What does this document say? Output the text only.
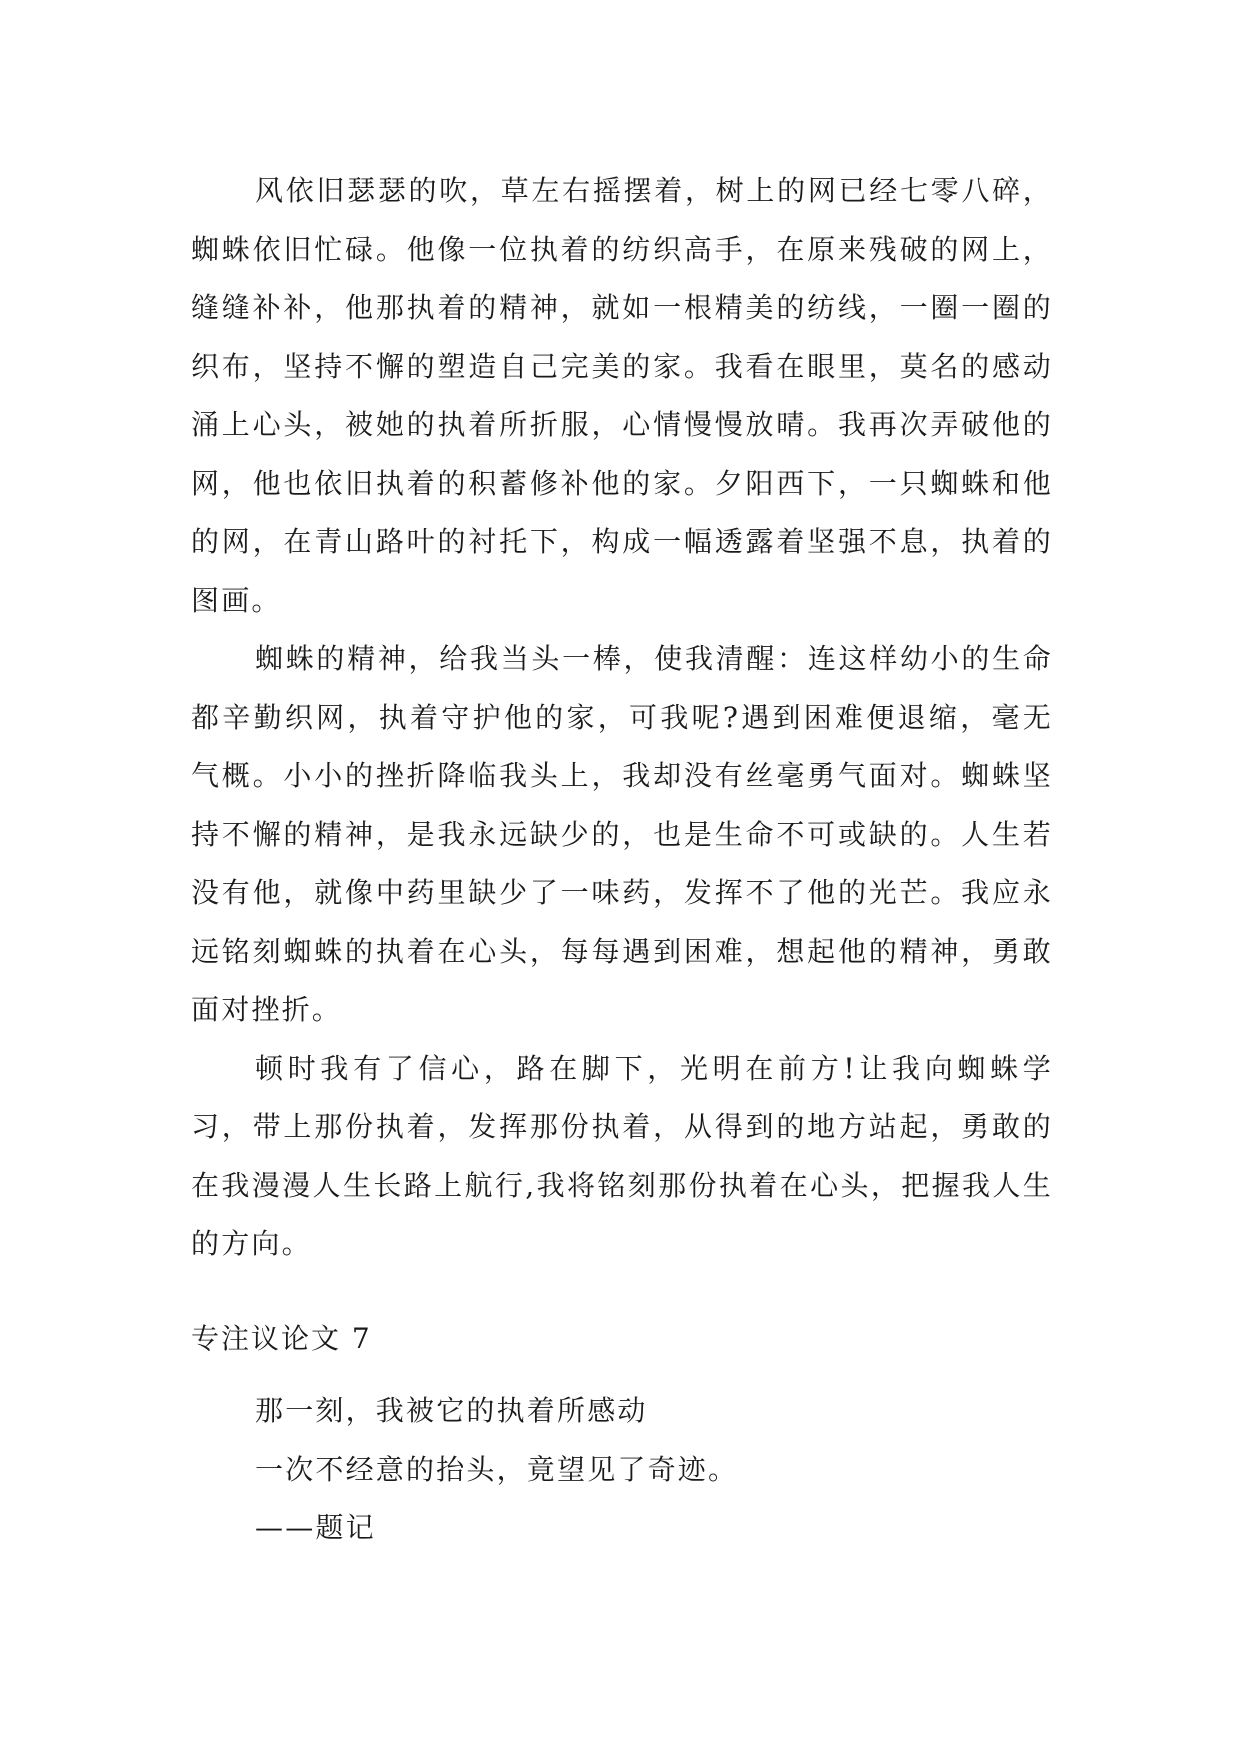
风依旧瑟瑟的吹，草左右摇摆着，树上的网已经七零八碎，蜘蛛依旧忙碌。他像一位执着的纺织高手，在原来残破的网上，缝缝补补，他那执着的精神，就如一根精美的纺线，一圈一圈的织布，坚持不懈的塑造自己完美的家。我看在眼里，莫名的感动涌上心头，被她的执着所折服，心情慢慢放晴。我再次弄破他的网，他也依旧执着的积蓄修补他的家。夕阳西下，一只蜘蛛和他的网，在青山路叶的衬托下，构成一幅透露着坚强不息，执着的图画。

蜘蛛的精神，给我当头一棒，使我清醒：连这样幼小的生命都辛勤织网，执着守护他的家，可我呢?遇到困难便退缩，毫无气概。小小的挫折降临我头上，我却没有丝毫勇气面对。蜘蛛坚持不懈的精神，是我永远缺少的，也是生命不可或缺的。人生若没有他，就像中药里缺少了一味药，发挥不了他的光芒。我应永远铭刻蜘蛛的执着在心头，每每遇到困难，想起他的精神，勇敢面对挫折。

顿时我有了信心，路在脚下，光明在前方!让我向蜘蛛学习，带上那份执着，发挥那份执着，从得到的地方站起，勇敢的在我漫漫人生长路上航行,我将铭刻那份执着在心头，把握我人生的方向。

专注议论文 7

那一刻，我被它的执着所感动

一次不经意的抬头，竟望见了奇迹。

——题记
